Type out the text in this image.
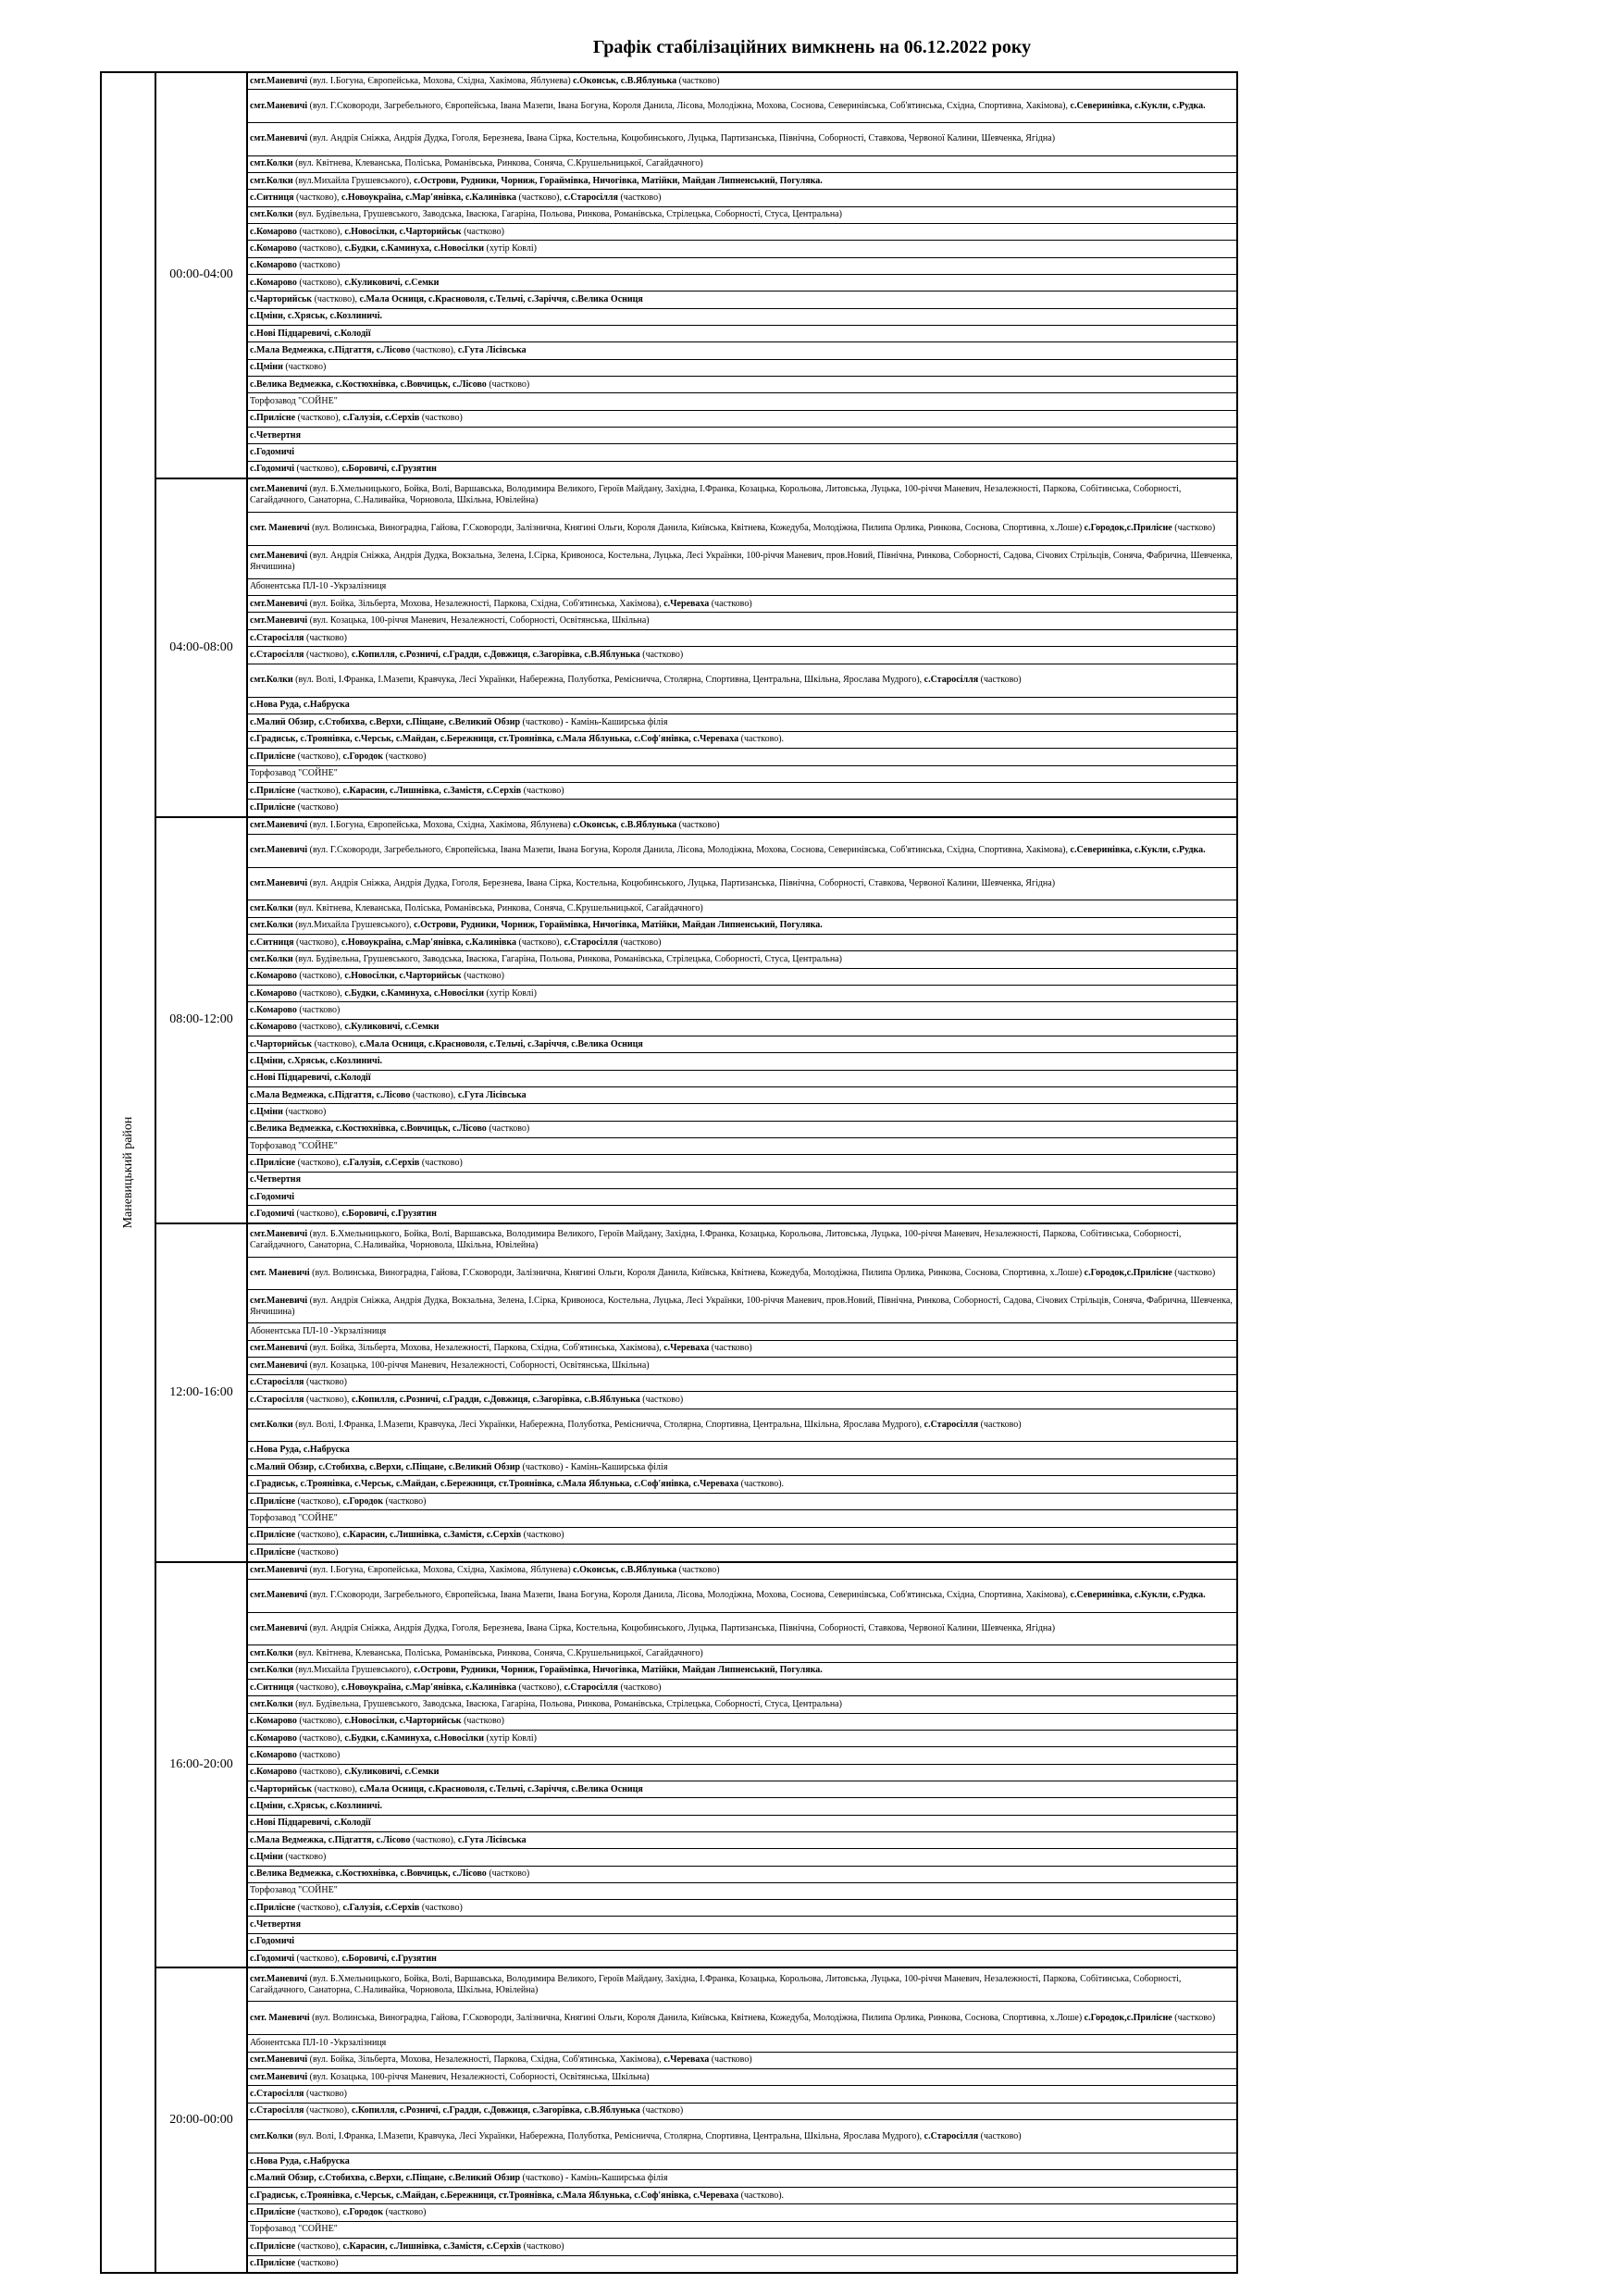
Графік стабілізаційних вимкнень на 06.12.2022 року
Маневицький район
00:00-04:00
смт.Маневичі (вул. І.Богуна, Європейська, Мохова, Східна, Хакімова, Яблунева) с.Оконськ, с.В.Яблунька (частково)
смт.Маневичі (вул. Г.Сковороди, Загребельного, Європейська, Івана Мазепи, Івана Богуна, Короля Данила, Лісова, Молодіжна, Мохова, Соснова, Северинівська, Соб'ятинська, Східна, Спортивна, Хакімова), с.Северинівка, с.Кукли, с.Рудка.
смт.Маневичі (вул. Андрія Сніжка, Андрія Дудка, Гоголя, Березнева, Івана Сірка, Костельна, Коцюбинського, Луцька, Партизанська, Північна, Соборності, Ставкова, Червоної Калини, Шевченка, Ягідна)
смт.Колки (вул. Квітнева, Клеванська, Поліська, Романівська, Ринкова, Соняча, С.Крушельницької, Сагайдачного)
смт.Колки (вул.Михайла Грушевського), с.Острови, Рудники, Чорниж, Гораймівка, Ничогівка, Матійки, Майдан Липненський, Погуляка.
с.Ситниця (частково), с.Новоукраїна, с.Мар'янівка, с.Калинівка (частково), с.Старосілля (частково)
смт.Колки (вул. Будівельна, Грушевського, Заводська, Івасюка, Гагаріна, Польова, Ринкова, Романівська, Стрілецька, Соборності, Стуса, Центральна)
с.Комарово (частково), с.Новосілки, с.Чарторийськ (частково)
с.Комарово (частково), с.Будки, с.Каминуха, с.Новосілки (хутір Ковлі)
с.Комарово (частково)
с.Комарово (частково), с.Куликовичі, с.Семки
с.Чарторийськ (частково), с.Мала Осниця, с.Красноволя, с.Тельчі, с.Заріччя, с.Велика Осниця
с.Цміни, с.Хряськ, с.Козлиничі.
с.Нові Підцаревичі, с.Колодії
с.Мала Ведмежка, с.Підгаття, с.Лісово (частково), с.Гута Лісівська
с.Цміни (частково)
с.Велика Ведмежка, с.Костюхнівка, с.Вовчицьк, с.Лісово (частково)
Торфозавод "СОЙНЕ"
с.Прилісне (частково), с.Галузія, с.Серхів (частково)
с.Четвертня
с.Годомичі
с.Годомичі (частково), с.Боровичі, с.Грузятин
04:00-08:00
смт.Маневичі (вул. Б.Хмельницького, Бойка, Волі, Варшавська, Володимира Великого, Героїв Майдану, Західна, І.Франка, Козацька, Корольова, Литовська, Луцька, 100-річчя Маневич, Незалежності, Паркова, Собітинська, Соборності, Сагайдачного, Санаторна, С.Наливайка, Чорновола, Шкільна, Ювілейна)
смт. Маневичі (вул. Волинська, Виноградна, Гайова, Г.Сковороди, Залізнична, Княгині Ольги, Короля Данила, Київська, Квітнева, Кожедуба, Молодіжна, Пилипа Орлика, Ринкова, Соснова, Спортивна, х.Лоше) с.Городок,с.Прилісне (частково)
смт.Маневичі (вул. Андрія Сніжка, Андрія Дудка, Вокзальна, Зелена, І.Сірка, Кривоноса, Костельна, Луцька, Лесі Українки, 100-річчя Маневич, пров.Новий, Північна, Ринкова, Соборності, Садова, Січових Стрільців, Соняча, Фабрична, Шевченка, Янчишина)
Абонентська ПЛ-10 -Укрзалізниця
смт.Маневичі (вул. Бойка, Зільберта, Мохова, Незалежності, Паркова, Східна, Соб'ятинська, Хакімова), с.Череваха (частково)
смт.Маневичі (вул. Козацька, 100-річчя Маневич, Незалежності, Соборності, Освітянська, Шкільна)
с.Старосілля (частково)
с.Старосілля (частково), с.Копилля, с.Розничі, с.Градди, с.Довжиця, с.Загорівка, с.В.Яблунька (частково)
смт.Колки (вул. Волі, І.Франка, І.Мазепи, Кравчука, Лесі Українки, Набережна, Полуботка, Ремісничча, Столярна, Спортивна, Центральна, Шкільна, Ярослава Мудрого), с.Старосілля (частково)
с.Нова Руда, с.Набруска
с.Малий Обзир, с.Стобихва, с.Верхи, с.Піщане, с.Великий Обзир (частково) - Камінь-Каширська філія
с.Градиськ, с.Троянівка, с.Черськ, с.Майдан, с.Бережниця, ст.Троянівка, с.Мала Яблунька, с.Соф'янівка, с.Череваха (частково).
с.Прилісне (частково), с.Городок (частково)
Торфозавод "СОЙНЕ"
с.Прилісне (частково), с.Карасин, с.Лишнівка, с.Замістя, с.Серхів (частково)
с.Прилісне (частково)
08:00-12:00
смт.Маневичі (вул. І.Богуна, Європейська, Мохова, Східна, Хакімова, Яблунева) с.Оконськ, с.В.Яблунька (частково)
смт.Маневичі (вул. Г.Сковороди, Загребельного, Європейська, Івана Мазепи, Івана Богуна, Короля Данила, Лісова, Молодіжна, Мохова, Соснова, Северинівська, Соб'ятинська, Східна, Спортивна, Хакімова), с.Северинівка, с.Кукли, с.Рудка.
смт.Маневичі (вул. Андрія Сніжка, Андрія Дудка, Гоголя, Березнева, Івана Сірка, Костельна, Коцюбинського, Луцька, Партизанська, Північна, Соборності, Ставкова, Червоної Калини, Шевченка, Ягідна)
смт.Колки (вул. Квітнева, Клеванська, Поліська, Романівська, Ринкова, Соняча, С.Крушельницької, Сагайдачного)
смт.Колки (вул.Михайла Грушевського), с.Острови, Рудники, Чорниж, Гораймівка, Ничогівка, Матійки, Майдан Липненський, Погуляка.
с.Ситниця (частково), с.Новоукраїна, с.Мар'янівка, с.Калинівка (частково), с.Старосілля (частково)
смт.Колки (вул. Будівельна, Грушевського, Заводська, Івасюка, Гагаріна, Польова, Ринкова, Романівська, Стрілецька, Соборності, Стуса, Центральна)
с.Комарово (частково), с.Новосілки, с.Чарторийськ (частково)
с.Комарово (частково), с.Будки, с.Каминуха, с.Новосілки (хутір Ковлі)
с.Комарово (частково)
с.Комарово (частково), с.Куликовичі, с.Семки
с.Чарторийськ (частково), с.Мала Осниця, с.Красноволя, с.Тельчі, с.Заріччя, с.Велика Осниця
с.Цміни, с.Хряськ, с.Козлиничі.
с.Нові Підцаревичі, с.Колодії
с.Мала Ведмежка, с.Підгаття, с.Лісово (частково), с.Гута Лісівська
с.Цміни (частково)
с.Велика Ведмежка, с.Костюхнівка, с.Вовчицьк, с.Лісово (частково)
Торфозавод "СОЙНЕ"
с.Прилісне (частково), с.Галузія, с.Серхів (частково)
с.Четвертня
с.Годомичі
с.Годомичі (частково), с.Боровичі, с.Грузятин
12:00-16:00
смт.Маневичі (вул. Б.Хмельницького, Бойка, Волі, Варшавська, Володимира Великого, Героїв Майдану, Західна, І.Франка, Козацька, Корольова, Литовська, Луцька, 100-річчя Маневич, Незалежності, Паркова, Собітинська, Соборності, Сагайдачного, Санаторна, С.Наливайка, Чорновола, Шкільна, Ювілейна)
смт. Маневичі (вул. Волинська, Виноградна, Гайова, Г.Сковороди, Залізнична, Княгині Ольги, Короля Данила, Київська, Квітнева, Кожедуба, Молодіжна, Пилипа Орлика, Ринкова, Соснова, Спортивна, х.Лоше) с.Городок,с.Прилісне (частково)
смт.Маневичі (вул. Андрія Сніжка, Андрія Дудка, Вокзальна, Зелена, І.Сірка, Кривоноса, Костельна, Луцька, Лесі Українки, 100-річчя Маневич, пров.Новий, Північна, Ринкова, Соборності, Садова, Січових Стрільців, Соняча, Фабрична, Шевченка, Янчишина)
Абонентська ПЛ-10 -Укрзалізниця
смт.Маневичі (вул. Бойка, Зільберта, Мохова, Незалежності, Паркова, Східна, Соб'ятинська, Хакімова), с.Череваха (частково)
смт.Маневичі (вул. Козацька, 100-річчя Маневич, Незалежності, Соборності, Освітянська, Шкільна)
с.Старосілля (частково)
с.Старосілля (частково), с.Копилля, с.Розничі, с.Градди, с.Довжиця, с.Загорівка, с.В.Яблунька (частково)
смт.Колки (вул. Волі, І.Франка, І.Мазепи, Кравчука, Лесі Українки, Набережна, Полуботка, Ремісничча, Столярна, Спортивна, Центральна, Шкільна, Ярослава Мудрого), с.Старосілля (частково)
с.Нова Руда, с.Набруска
с.Малий Обзир, с.Стобихва, с.Верхи, с.Піщане, с.Великий Обзир (частково) - Камінь-Каширська філія
с.Градиськ, с.Троянівка, с.Черськ, с.Майдан, с.Бережниця, ст.Троянівка, с.Мала Яблунька, с.Соф'янівка, с.Череваха (частково).
с.Прилісне (частково), с.Городок (частково)
Торфозавод "СОЙНЕ"
с.Прилісне (частково), с.Карасин, с.Лишнівка, с.Замістя, с.Серхів (частково)
с.Прилісне (частково)
16:00-20:00
смт.Маневичі (вул. І.Богуна, Європейська, Мохова, Східна, Хакімова, Яблунева) с.Оконськ, с.В.Яблунька (частково)
смт.Маневичі (вул. Г.Сковороди, Загребельного, Європейська, Івана Мазепи, Івана Богуна, Короля Данила, Лісова, Молодіжна, Мохова, Соснова, Северинівська, Соб'ятинська, Східна, Спортивна, Хакімова), с.Северинівка, с.Кукли, с.Рудка.
смт.Маневичі (вул. Андрія Сніжка, Андрія Дудка, Гоголя, Березнева, Івана Сірка, Костельна, Коцюбинського, Луцька, Партизанська, Північна, Соборності, Ставкова, Червоної Калини, Шевченка, Ягідна)
смт.Колки (вул. Квітнева, Клеванська, Поліська, Романівська, Ринкова, Соняча, С.Крушельницької, Сагайдачного)
смт.Колки (вул.Михайла Грушевського), с.Острови, Рудники, Чорниж, Гораймівка, Ничогівка, Матійки, Майдан Липненський, Погуляка.
с.Ситниця (частково), с.Новоукраїна, с.Мар'янівка, с.Калинівка (частково), с.Старосілля (частково)
смт.Колки (вул. Будівельна, Грушевського, Заводська, Івасюка, Гагаріна, Польова, Ринкова, Романівська, Стрілецька, Соборності, Стуса, Центральна)
с.Комарово (частково), с.Новосілки, с.Чарторийськ (частково)
с.Комарово (частково), с.Будки, с.Каминуха, с.Новосілки (хутір Ковлі)
с.Комарово (частково)
с.Комарово (частково), с.Куликовичі, с.Семки
с.Чарторийськ (частково), с.Мала Осниця, с.Красноволя, с.Тельчі, с.Заріччя, с.Велика Осниця
с.Цміни, с.Хряськ, с.Козлиничі.
с.Нові Підцаревичі, с.Колодії
с.Мала Ведмежка, с.Підгаття, с.Лісово (частково), с.Гута Лісівська
с.Цміни (частково)
с.Велика Ведмежка, с.Костюхнівка, с.Вовчицьк, с.Лісово (частково)
Торфозавод "СОЙНЕ"
с.Прилісне (частково), с.Галузія, с.Серхів (частково)
с.Четвертня
с.Годомичі
с.Годомичі (частково), с.Боровичі, с.Грузятин
20:00-00:00
смт.Маневичі (вул. Б.Хмельницького, Бойка, Волі, Варшавська, Володимира Великого, Героїв Майдану, Західна, І.Франка, Козацька, Корольова, Литовська, Луцька, 100-річчя Маневич, Незалежності, Паркова, Собітинська, Соборності, Сагайдачного, Санаторна, С.Наливайка, Чорновола, Шкільна, Ювілейна)
смт. Маневичі (вул. Волинська, Виноградна, Гайова, Г.Сковороди, Залізнична, Княгині Ольги, Короля Данила, Київська, Квітнева, Кожедуба, Молодіжна, Пилипа Орлика, Ринкова, Соснова, Спортивна, х.Лоше) с.Городок,с.Прилісне (частково)
Абонентська ПЛ-10 -Укрзалізниця
смт.Маневичі (вул. Бойка, Зільберта, Мохова, Незалежності, Паркова, Східна, Соб'ятинська, Хакімова), с.Череваха (частково)
смт.Маневичі (вул. Козацька, 100-річчя Маневич, Незалежності, Соборності, Освітянська, Шкільна)
с.Старосілля (частково)
с.Старосілля (частково), с.Копилля, с.Розничі, с.Градди, с.Довжиця, с.Загорівка, с.В.Яблунька (частково)
смт.Колки (вул. Волі, І.Франка, І.Мазепи, Кравчука, Лесі Українки, Набережна, Полуботка, Ремісничча, Столярна, Спортивна, Центральна, Шкільна, Ярослава Мудрого), с.Старосілля (частково)
с.Нова Руда, с.Набруска
с.Малий Обзир, с.Стобихва, с.Верхи, с.Піщане, с.Великий Обзир (частково) - Камінь-Каширська філія
с.Градиськ, с.Троянівка, с.Черськ, с.Майдан, с.Бережниця, ст.Троянівка, с.Мала Яблунька, с.Соф'янівка, с.Череваха (частково).
с.Прилісне (частково), с.Городок (частково)
Торфозавод "СОЙНЕ"
с.Прилісне (частково), с.Карасин, с.Лишнівка, с.Замістя, с.Серхів (частково)
с.Прилісне (частково)
